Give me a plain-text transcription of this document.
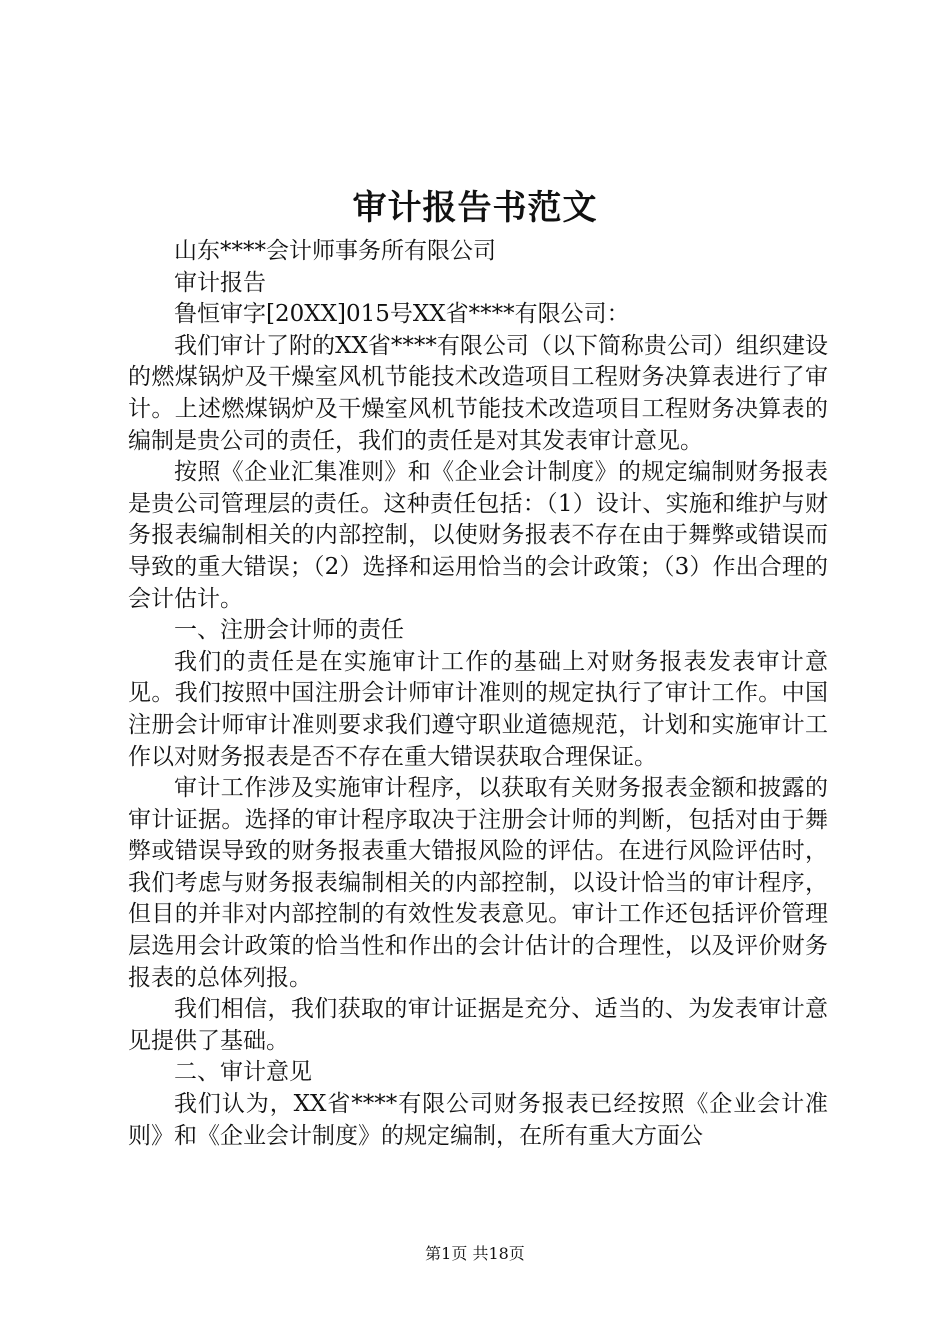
审计报告书范文

山东****会计师事务所有限公司

审计报告

鲁恒审字[20XX]015号XX省****有限公司：

我们审计了附的XX省****有限公司（以下简称贵公司）组织建设的燃煤锅炉及干燥室风机节能技术改造项目工程财务决算表进行了审计。上述燃煤锅炉及干燥室风机节能技术改造项目工程财务决算表的编制是贵公司的责任，我们的责任是对其发表审计意见。

按照《企业汇集准则》和《企业会计制度》的规定编制财务报表是贵公司管理层的责任。这种责任包括：（1）设计、实施和维护与财务报表编制相关的内部控制，以使财务报表不存在由于舞弊或错误而导致的重大错误；（2）选择和运用恰当的会计政策；（3）作出合理的会计估计。

一、注册会计师的责任

我们的责任是在实施审计工作的基础上对财务报表发表审计意见。我们按照中国注册会计师审计准则的规定执行了审计工作。中国注册会计师审计准则要求我们遵守职业道德规范，计划和实施审计工作以对财务报表是否不存在重大错误获取合理保证。

审计工作涉及实施审计程序，以获取有关财务报表金额和披露的审计证据。选择的审计程序取决于注册会计师的判断，包括对由于舞弊或错误导致的财务报表重大错报风险的评估。在进行风险评估时，我们考虑与财务报表编制相关的内部控制，以设计恰当的审计程序，但目的并非对内部控制的有效性发表意见。审计工作还包括评价管理层选用会计政策的恰当性和作出的会计估计的合理性，以及评价财务报表的总体列报。

我们相信，我们获取的审计证据是充分、适当的、为发表审计意见提供了基础。

二、审计意见

我们认为，XX省****有限公司财务报表已经按照《企业会计准则》和《企业会计制度》的规定编制，在所有重大方面公

第1页 共18页
